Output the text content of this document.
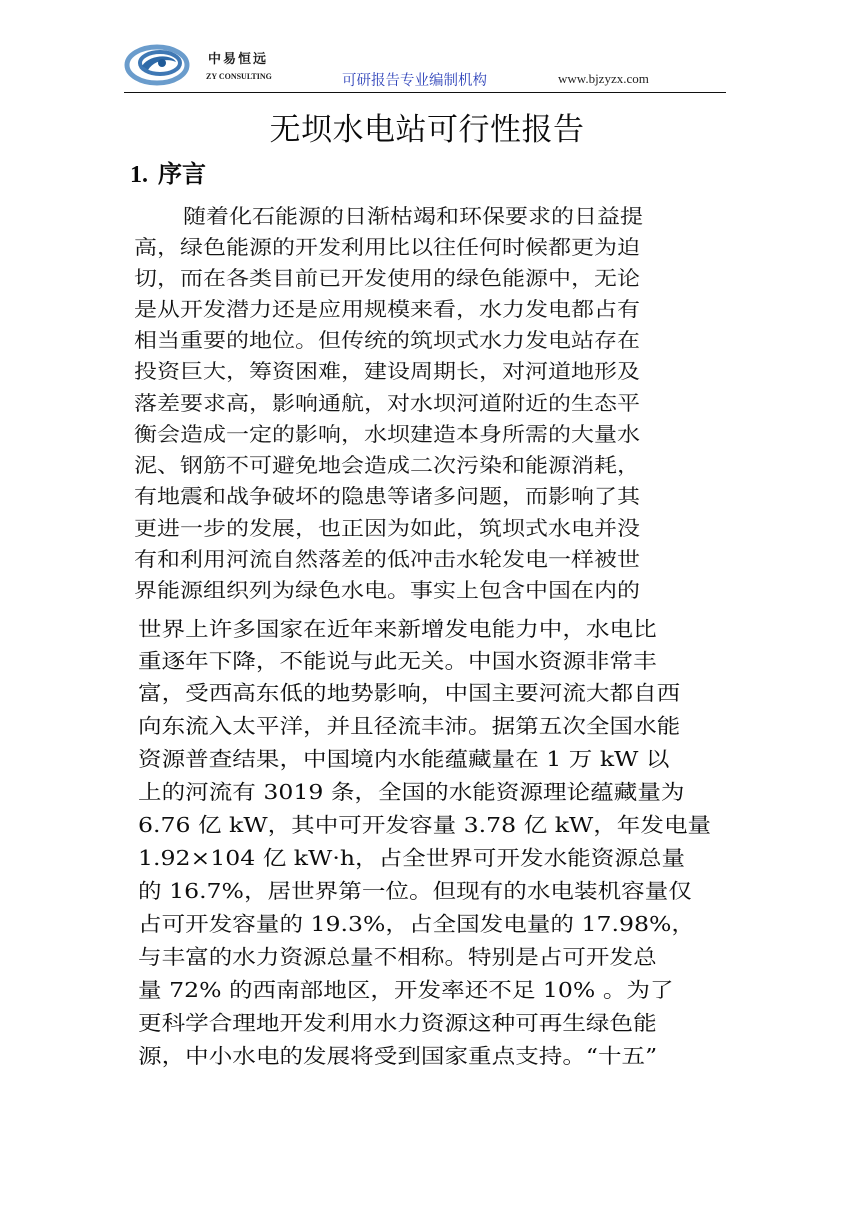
中易恒远
ZY CONSULTING	可研报告专业编制机构	www.bjzyzx.com
无坝水电站可行性报告
1. 序言
随着化石能源的日渐枯竭和环保要求的日益提
高，绿色能源的开发利用比以往任何时候都更为迫
切，而在各类目前已开发使用的绿色能源中，无论
是从开发潜力还是应用规模来看，水力发电都占有
相当重要的地位。但传统的筑坝式水力发电站存在
投资巨大，筹资困难，建设周期长，对河道地形及
落差要求高，影响通航，对水坝河道附近的生态平
衡会造成一定的影响，水坝建造本身所需的大量水
泥、钢筋不可避免地会造成二次污染和能源消耗，
有地震和战争破坏的隐患等诸多问题，而影响了其
更进一步的发展，也正因为如此，筑坝式水电并没
有和利用河流自然落差的低冲击水轮发电一样被世
界能源组织列为绿色水电。事实上包含中国在内的
世界上许多国家在近年来新增发电能力中，水电比
重逐年下降，不能说与此无关。中国水资源非常丰
富，受西高东低的地势影响，中国主要河流大都自西
向东流入太平洋，并且径流丰沛。据第五次全国水能
资源普查结果，中国境内水能蕴藏量在 1 万 kW 以
上的河流有 3019 条，全国的水能资源理论蕴藏量为
6.76 亿 kW，其中可开发容量 3.78 亿 kW，年发电量
1.92×104 亿 kW·h，占全世界可开发水能资源总量
的 16.7%，居世界第一位。但现有的水电装机容量仅
占可开发容量的 19.3%，占全国发电量的 17.98%，
与丰富的水力资源总量不相称。特别是占可开发总
量 72% 的西南部地区，开发率还不足 10% 。为了
更科学合理地开发利用水力资源这种可再生绿色能
源，中小水电的发展将受到国家重点支持。“十五”
